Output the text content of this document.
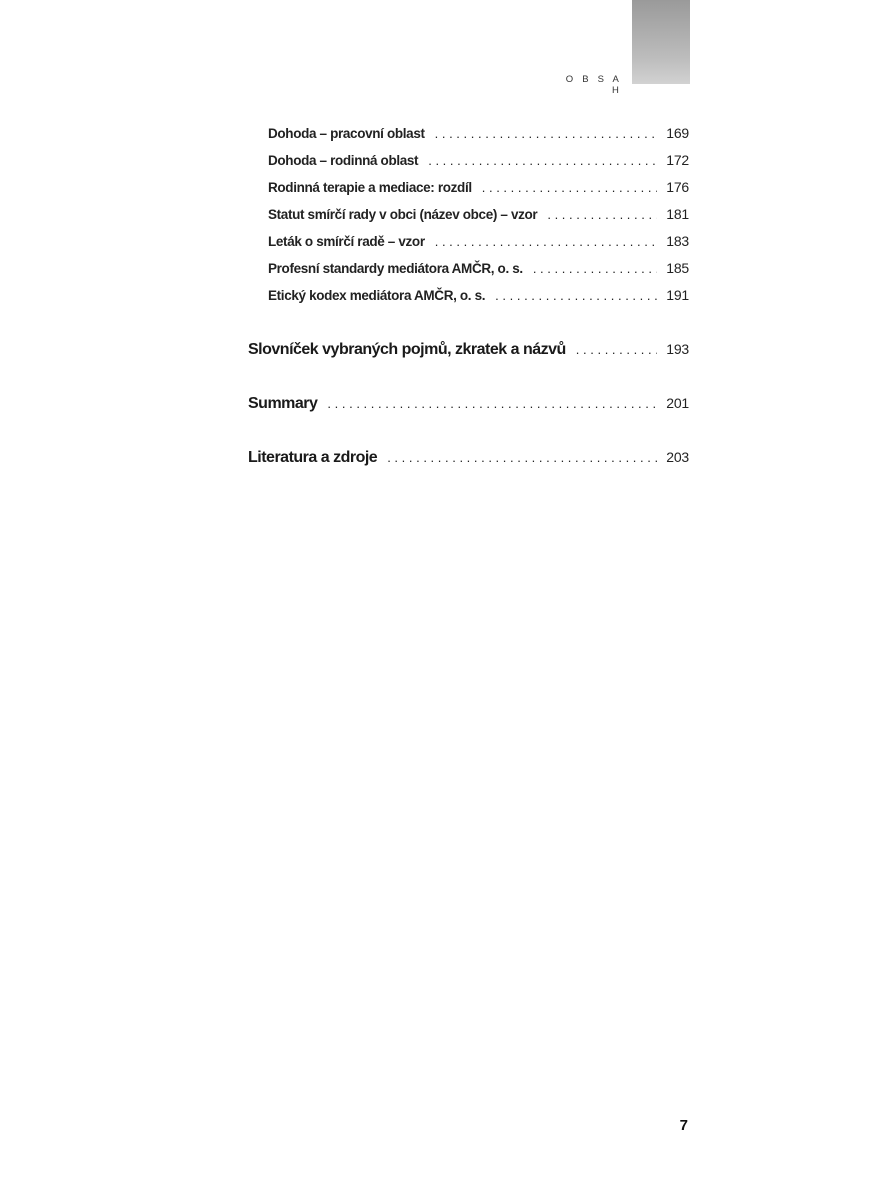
O B S A H
Dohoda – pracovní oblast . . .	169
Dohoda – rodinná oblast . . .	172
Rodinná terapie a mediace: rozdíl . . .	176
Statut smírčí rady v obci (název obce) – vzor . . .	181
Leták o smírčí radě – vzor . . .	183
Profesní standardy mediátora AMČR, o. s. . . .	185
Etický kodex mediátora AMČR, o. s. . . .	191
Slovníček vybraných pojmů, zkratek a názvů . . .	193
Summary . . .	201
Literatura a zdroje . . .	203
7
